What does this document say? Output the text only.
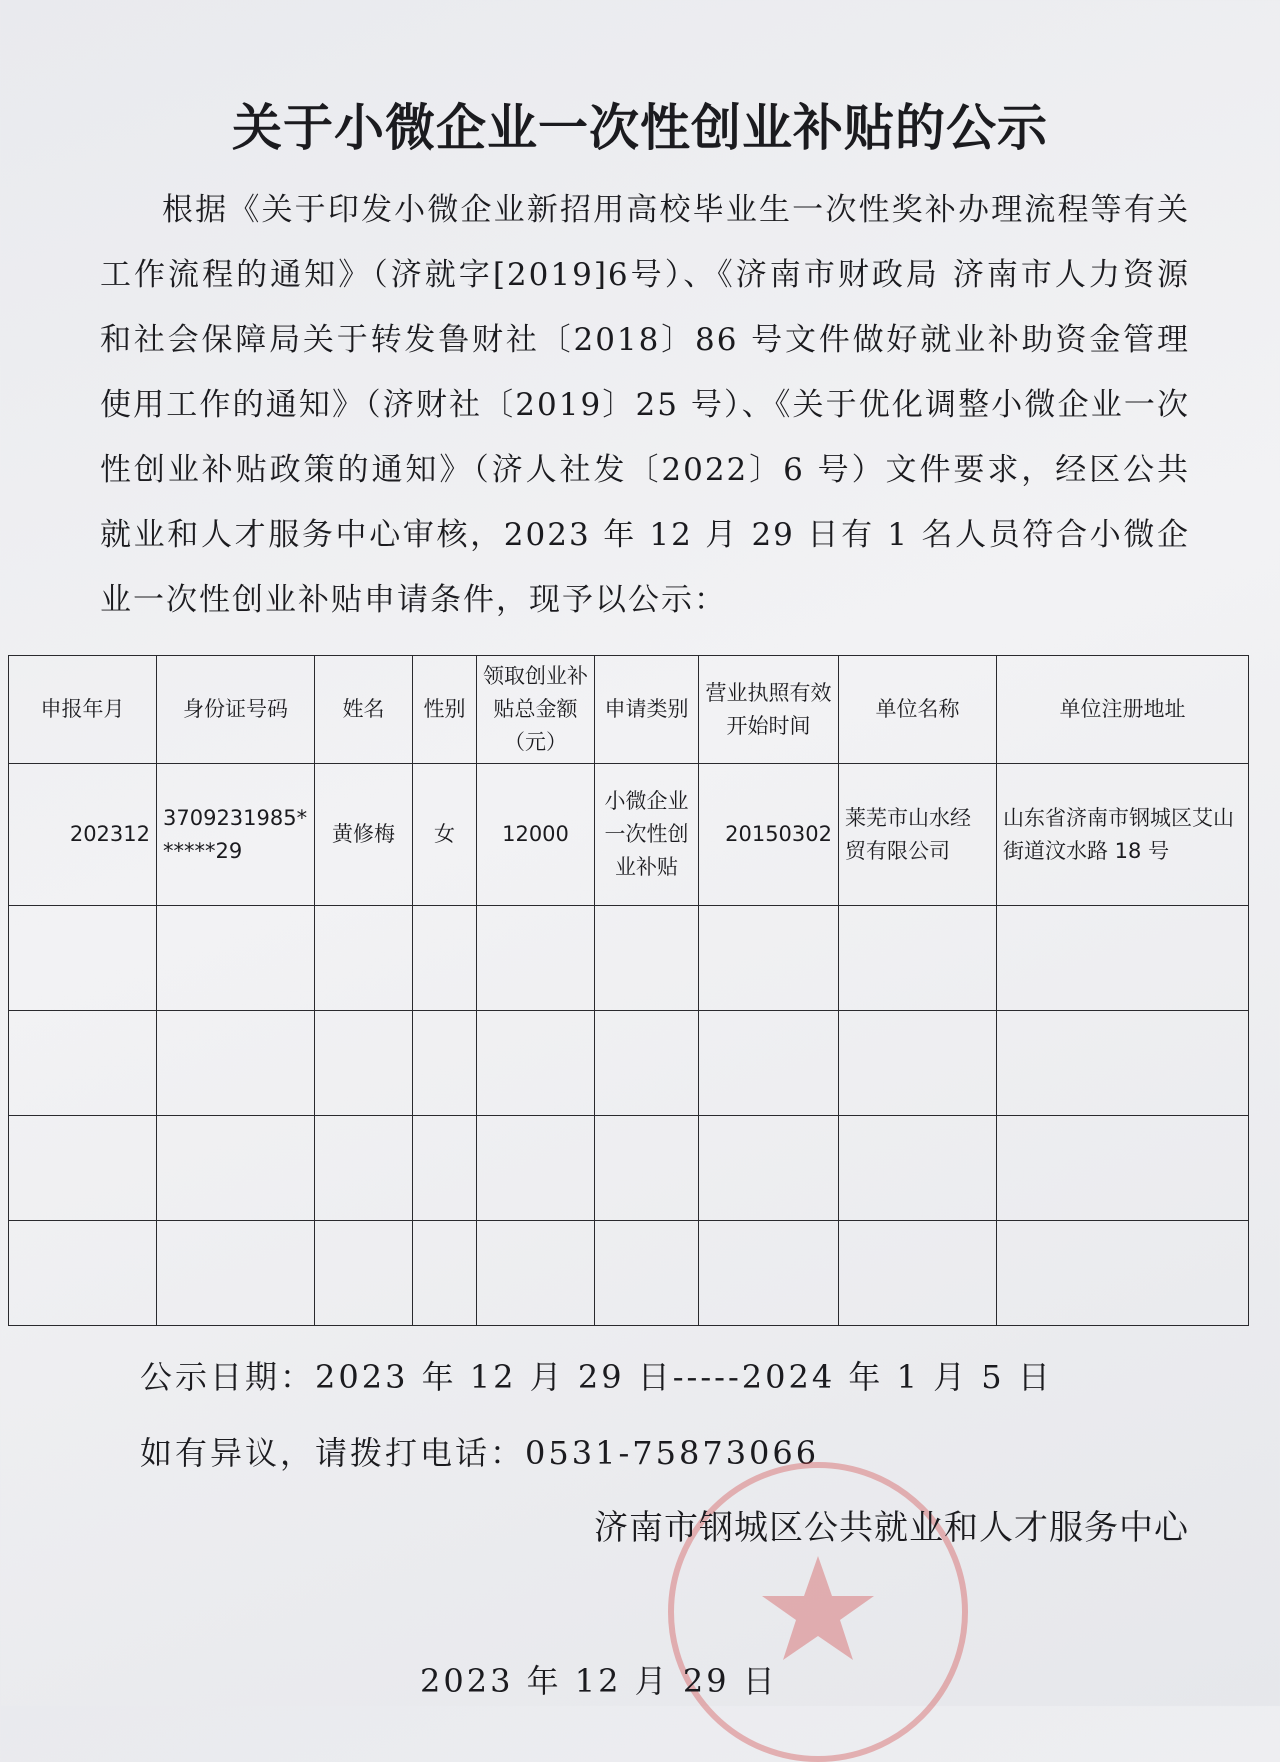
关于小微企业一次性创业补贴的公示
根据《关于印发小微企业新招用高校毕业生一次性奖补办理流程等有关工作流程的通知》（济就字[2019]6号）、《济南市财政局 济南市人力资源和社会保障局关于转发鲁财社〔2018〕86 号文件做好就业补助资金管理使用工作的通知》（济财社〔2019〕25 号）、《关于优化调整小微企业一次性创业补贴政策的通知》（济人社发〔2022〕6 号）文件要求，经区公共就业和人才服务中心审核，2023 年 12 月 29 日有 1 名人员符合小微企业一次性创业补贴申请条件，现予以公示：
申报年月	身份证号码	姓名	性别	领取创业补贴总金额（元）	申请类别	营业执照有效开始时间	单位名称	单位注册地址
202312	3709231985******29	黄修梅	女	12000	小微企业一次性创业补贴	20150302	莱芜市山水经贸有限公司	山东省济南市钢城区艾山街道汶水路 18 号

公示日期：2023 年 12 月 29 日-----2024 年 1 月 5 日
如有异议，请拨打电话：0531-75873066
济南市钢城区公共就业和人才服务中心
2023 年 12 月 29 日
